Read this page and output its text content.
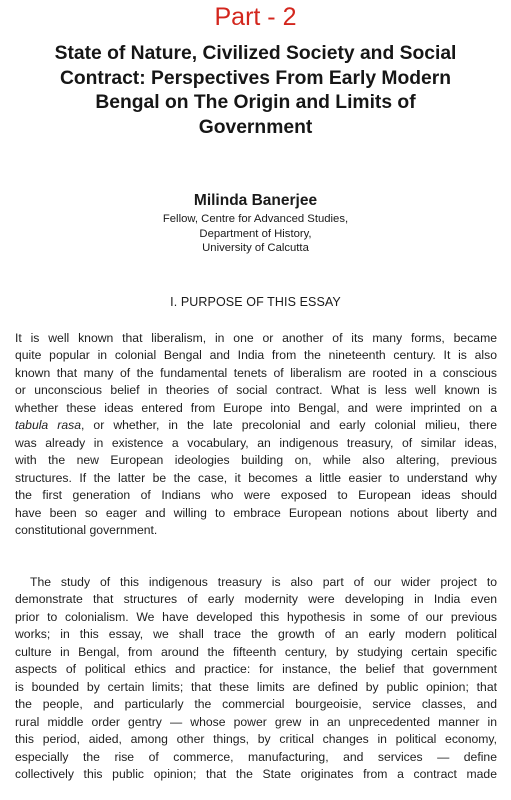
Part - 2
State of Nature, Civilized Society and Social
Contract: Perspectives From Early Modern
Bengal on The Origin and Limits of
Government
Milinda Banerjee
Fellow, Centre for Advanced Studies,
Department of History,
University of Calcutta
I. PURPOSE OF THIS ESSAY
It is well known that liberalism, in one or another of its many forms, became
quite popular in colonial Bengal and India from the nineteenth century. It is also
known that many of the fundamental tenets of liberalism are rooted in a conscious
or unconscious belief in theories of social contract. What is less well known is
whether these ideas entered from Europe into Bengal, and were imprinted on a
tabula rasa, or whether, in the late precolonial and early colonial milieu, there
was already in existence a vocabulary, an indigenous treasury, of similar ideas,
with the new European ideologies building on, while also altering, previous
structures. If the latter be the case, it becomes a little easier to understand why
the first generation of Indians who were exposed to European ideas should
have been so eager and willing to embrace European notions about liberty and
constitutional government.
The study of this indigenous treasury is also part of our wider project to
demonstrate that structures of early modernity were developing in India even
prior to colonialism. We have developed this hypothesis in some of our previous
works; in this essay, we shall trace the growth of an early modern political
culture in Bengal, from around the fifteenth century, by studying certain specific
aspects of political ethics and practice: for instance, the belief that government
is bounded by certain limits; that these limits are defined by public opinion; that
the people, and particularly the commercial bourgeoisie, service classes, and
rural middle order gentry — whose power grew in an unprecedented manner in
this period, aided, among other things, by critical changes in political economy,
especially the rise of commerce, manufacturing, and services — define
collectively this public opinion; that the State originates from a contract made
